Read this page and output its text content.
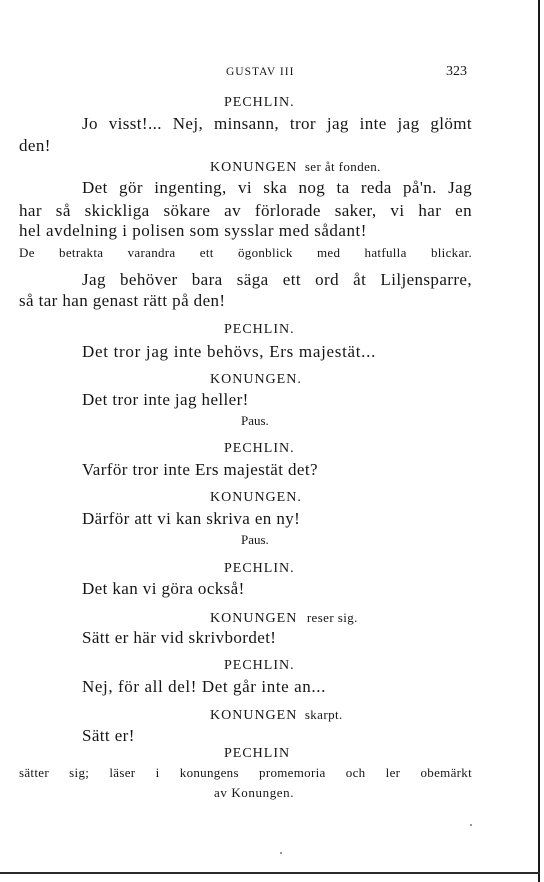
GUSTAV III	323
PECHLIN.
Jo visst!... Nej, minsann, tror jag inte jag glömt
den!
KONUNGEN ser åt fonden.
Det gör ingenting, vi ska nog ta reda på'n. Jag
har så skickliga sökare av förlorade saker, vi har en
hel avdelning i polisen som sysslar med sådant!
De betrakta varandra ett ögonblick med hatfulla blickar.
Jag behöver bara säga ett ord åt Liljensparre,
så tar han genast rätt på den!
PECHLIN.
Det tror jag inte behövs, Ers majestät...
KONUNGEN.
Det tror inte jag heller!
Paus.
PECHLIN.
Varför tror inte Ers majestät det?
KONUNGEN.
Därför att vi kan skriva en ny!
Paus.
PECHLIN.
Det kan vi göra också!
KONUNGEN reser sig.
Sätt er här vid skrivbordet!
PECHLIN.
Nej, för all del! Det går inte an...
KONUNGEN skarpt.
Sätt er!
PECHLIN
sätter sig; läser i konungens promemoria och ler obemärkt
av Konungen.
